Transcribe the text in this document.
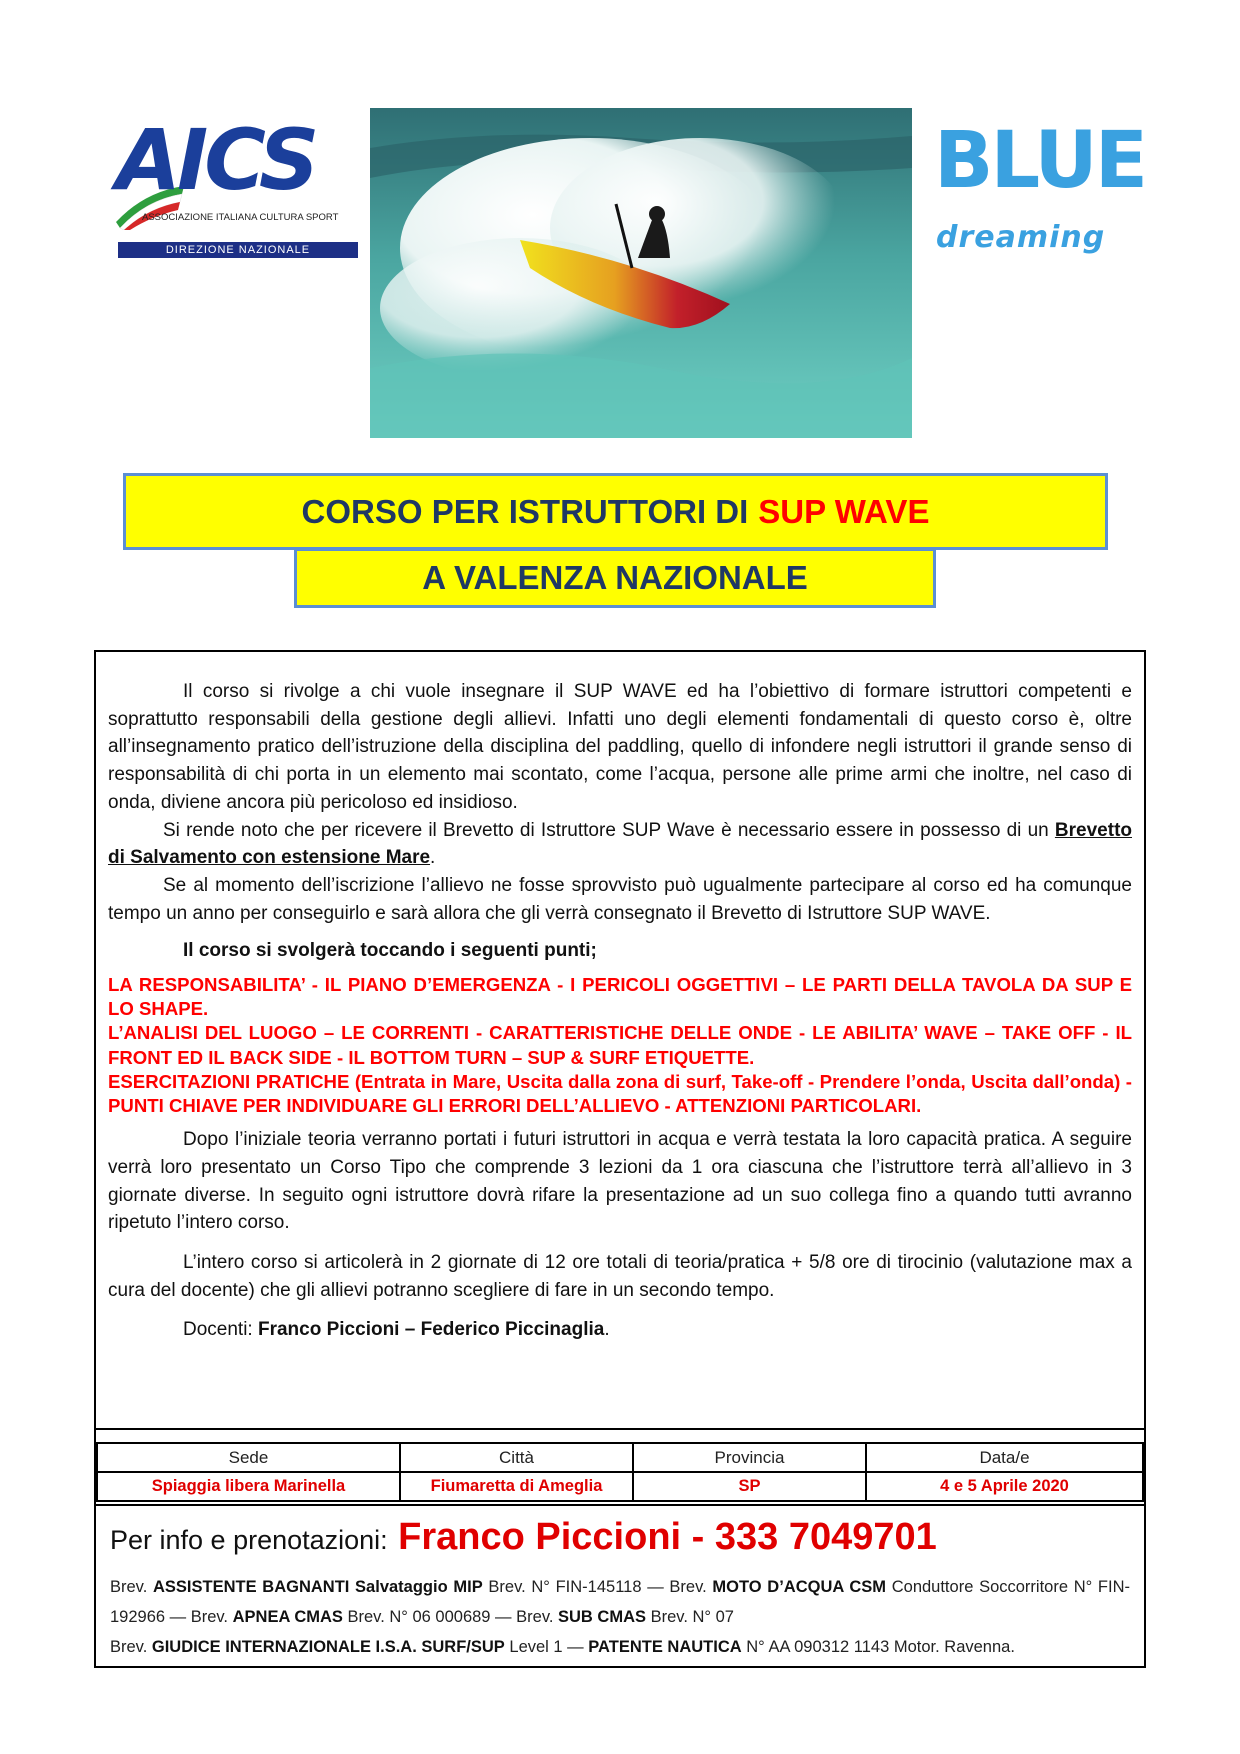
AICS
ASSOCIAZIONE ITALIANA CULTURA SPORT
DIREZIONE NAZIONALE
BLUE
dreaming
CORSO PER ISTRUTTORI DI SUP WAVE
A VALENZA NAZIONALE
Il corso si rivolge a chi vuole insegnare il SUP WAVE ed ha l’obiettivo di formare istruttori competenti e soprattutto responsabili della gestione degli allievi. Infatti uno degli elementi fondamentali di questo corso è, oltre all’insegnamento pratico dell’istruzione della disciplina del paddling, quello di infondere negli istruttori il grande senso di responsabilità di chi porta in un elemento mai scontato, come l’acqua, persone alle prime armi che inoltre, nel caso di onda, diviene ancora più pericoloso ed insidioso.
Si rende noto che per ricevere il Brevetto di Istruttore SUP Wave è necessario essere in possesso di un Brevetto di Salvamento con estensione Mare.
Se al momento dell’iscrizione l’allievo ne fosse sprovvisto può ugualmente partecipare al corso ed ha comunque tempo un anno per conseguirlo e sarà allora che gli verrà consegnato il Brevetto di Istruttore SUP WAVE.
Il corso si svolgerà toccando i seguenti punti;
LA RESPONSABILITA’ - IL PIANO D’EMERGENZA - I PERICOLI OGGETTIVI – LE PARTI DELLA TAVOLA DA SUP E LO SHAPE.
L’ANALISI DEL LUOGO – LE CORRENTI - CARATTERISTICHE DELLE ONDE - LE ABILITA’ WAVE – TAKE OFF - IL FRONT ED IL BACK SIDE - IL BOTTOM TURN – SUP & SURF ETIQUETTE.
ESERCITAZIONI PRATICHE (Entrata in Mare, Uscita dalla zona di surf, Take-off - Prendere l’onda, Uscita dall’onda) - PUNTI CHIAVE PER INDIVIDUARE GLI ERRORI DELL’ALLIEVO - ATTENZIONI PARTICOLARI.
Dopo l’iniziale teoria verranno portati i futuri istruttori in acqua e verrà testata la loro capacità pratica. A seguire verrà loro presentato un Corso Tipo che comprende 3 lezioni da 1 ora ciascuna che l’istruttore terrà all’allievo in 3 giornate diverse. In seguito ogni istruttore dovrà rifare la presentazione ad un suo collega fino a quando tutti avranno ripetuto l’intero corso.
L’intero corso si articolerà in 2 giornate di 12 ore totali di teoria/pratica + 5/8 ore di tirocinio (valutazione max a cura del docente) che gli allievi potranno scegliere di fare in un secondo tempo.
Docenti: Franco Piccioni – Federico Piccinaglia.
Sede	Città	Provincia	Data/e
Spiaggia libera Marinella	Fiumaretta di Ameglia	SP	4 e 5 Aprile 2020
Per info e prenotazioni: Franco Piccioni - 333 7049701
Brev. ASSISTENTE BAGNANTI Salvataggio MIP Brev. N° FIN-145118 — Brev. MOTO D’ACQUA CSM Conduttore Soccorritore N° FIN-192966 — Brev. APNEA CMAS Brev. N° 06 000689 — Brev. SUB CMAS Brev. N° 07
Brev. GIUDICE INTERNAZIONALE I.S.A. SURF/SUP Level 1 — PATENTE NAUTICA N° AA 090312 1143 Motor. Ravenna.
